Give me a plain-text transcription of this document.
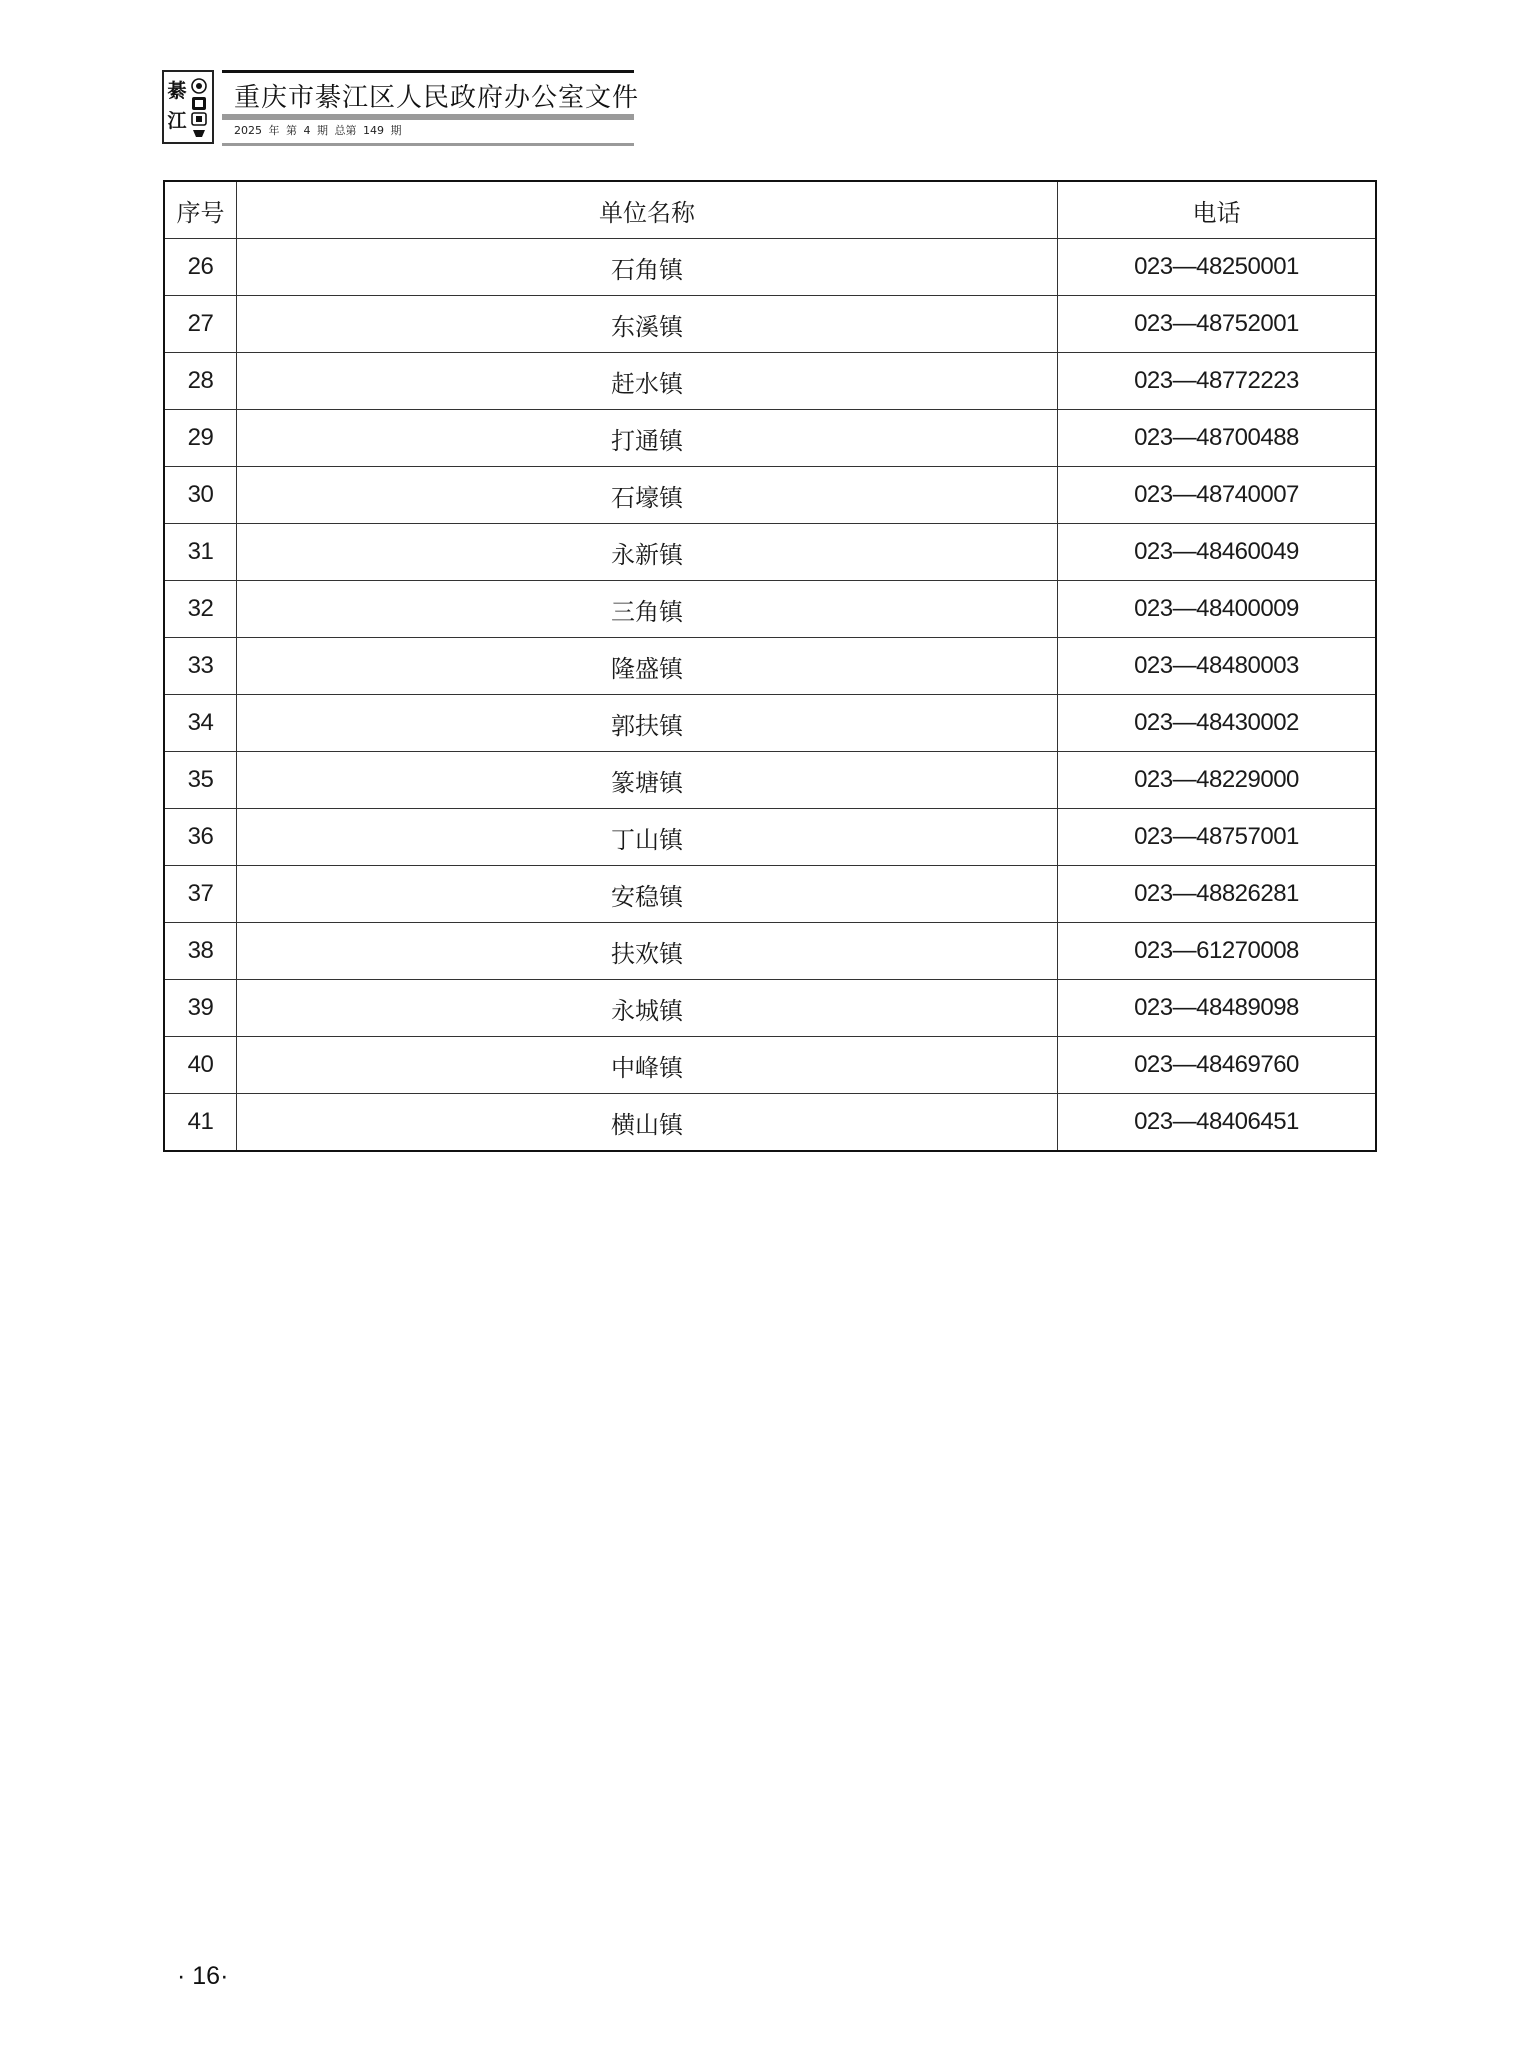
綦江
重庆市綦江区人民政府办公室文件
2025 年 第 4 期 总第 149 期
序号	单位名称	电话
26	石角镇	023—48250001
27	东溪镇	023—48752001
28	赶水镇	023—48772223
29	打通镇	023—48700488
30	石壕镇	023—48740007
31	永新镇	023—48460049
32	三角镇	023—48400009
33	隆盛镇	023—48480003
34	郭扶镇	023—48430002
35	篆塘镇	023—48229000
36	丁山镇	023—48757001
37	安稳镇	023—48826281
38	扶欢镇	023—61270008
39	永城镇	023—48489098
40	中峰镇	023—48469760
41	横山镇	023—48406451
· 16·
